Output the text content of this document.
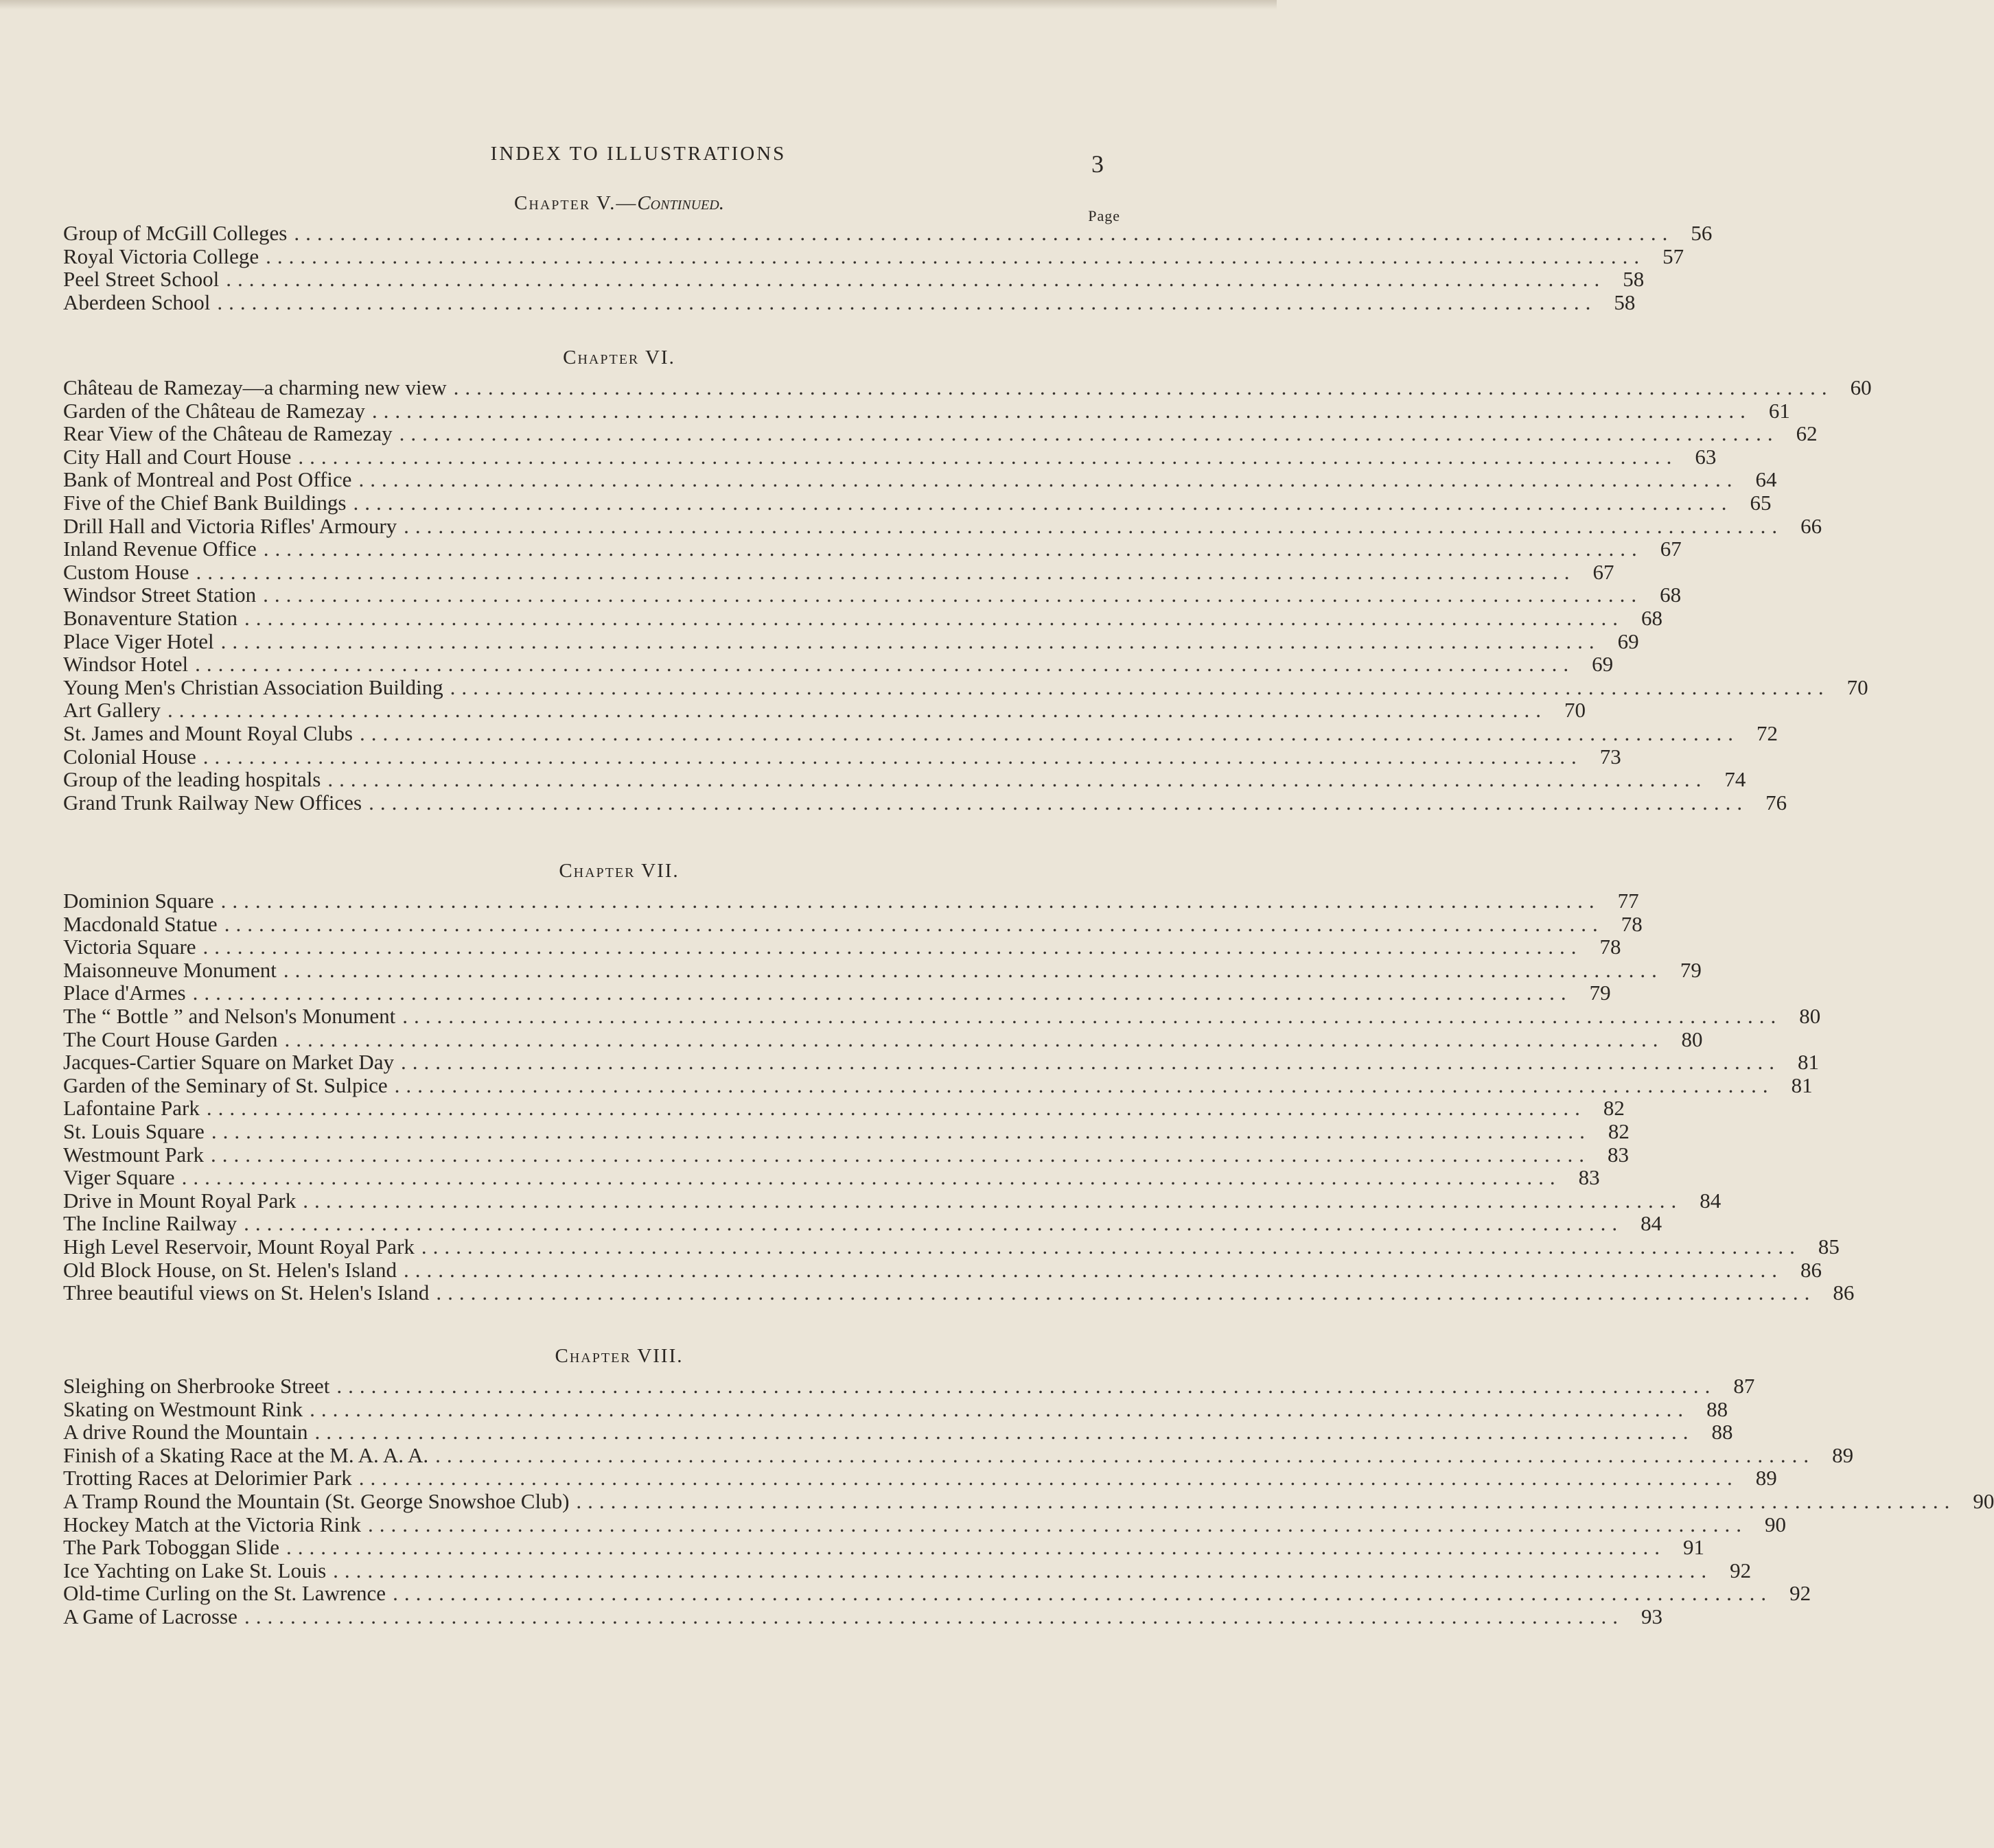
INDEX TO ILLUSTRATIONS	3
Chapter V.—Continued.
Page
Group of McGill Colleges ........................................................................................................................ 56
Royal Victoria College ........................................................................................................................ 57
Peel Street School ........................................................................................................................ 58
Aberdeen School ........................................................................................................................ 58
Chapter VI.
Château de Ramezay—a charming new view ........................................................................................................................ 60
Garden of the Château de Ramezay ........................................................................................................................ 61
Rear View of the Château de Ramezay ........................................................................................................................ 62
City Hall and Court House ........................................................................................................................ 63
Bank of Montreal and Post Office ........................................................................................................................ 64
Five of the Chief Bank Buildings ........................................................................................................................ 65
Drill Hall and Victoria Rifles' Armoury ........................................................................................................................ 66
Inland Revenue Office ........................................................................................................................ 67
Custom House ........................................................................................................................ 67
Windsor Street Station ........................................................................................................................ 68
Bonaventure Station ........................................................................................................................ 68
Place Viger Hotel ........................................................................................................................ 69
Windsor Hotel ........................................................................................................................ 69
Young Men's Christian Association Building ........................................................................................................................ 70
Art Gallery ........................................................................................................................ 70
St. James and Mount Royal Clubs ........................................................................................................................ 72
Colonial House ........................................................................................................................ 73
Group of the leading hospitals ........................................................................................................................ 74
Grand Trunk Railway New Offices ........................................................................................................................ 76
Chapter VII.
Dominion Square ........................................................................................................................ 77
Macdonald Statue ........................................................................................................................ 78
Victoria Square ........................................................................................................................ 78
Maisonneuve Monument ........................................................................................................................ 79
Place d'Armes ........................................................................................................................ 79
The “ Bottle ” and Nelson's Monument ........................................................................................................................ 80
The Court House Garden ........................................................................................................................ 80
Jacques-Cartier Square on Market Day ........................................................................................................................ 81
Garden of the Seminary of St. Sulpice ........................................................................................................................ 81
Lafontaine Park ........................................................................................................................ 82
St. Louis Square ........................................................................................................................ 82
Westmount Park ........................................................................................................................ 83
Viger Square ........................................................................................................................ 83
Drive in Mount Royal Park ........................................................................................................................ 84
The Incline Railway ........................................................................................................................ 84
High Level Reservoir, Mount Royal Park ........................................................................................................................ 85
Old Block House, on St. Helen's Island ........................................................................................................................ 86
Three beautiful views on St. Helen's Island ........................................................................................................................ 86
Chapter VIII.
Sleighing on Sherbrooke Street ........................................................................................................................ 87
Skating on Westmount Rink ........................................................................................................................ 88
A drive Round the Mountain ........................................................................................................................ 88
Finish of a Skating Race at the M. A. A. A. ........................................................................................................................ 89
Trotting Races at Delorimier Park ........................................................................................................................ 89
A Tramp Round the Mountain (St. George Snowshoe Club) ........................................................................................................................ 90
Hockey Match at the Victoria Rink ........................................................................................................................ 90
The Park Toboggan Slide ........................................................................................................................ 91
Ice Yachting on Lake St. Louis ........................................................................................................................ 92
Old-time Curling on the St. Lawrence ........................................................................................................................ 92
A Game of Lacrosse ........................................................................................................................ 93
